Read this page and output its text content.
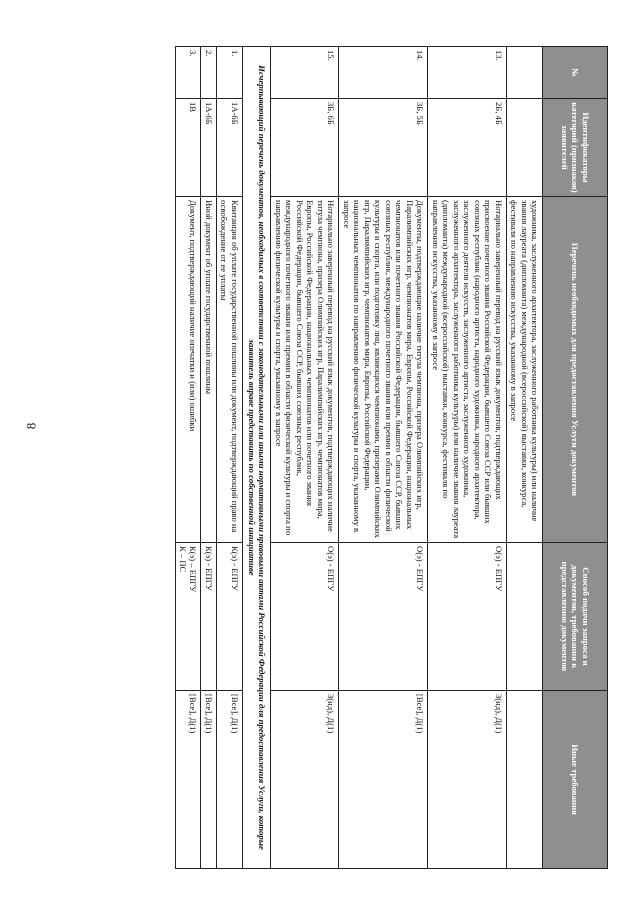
8
№	Идентификаторы категорий (признаков) заявителей	Перечень необходимых для предоставления Услуги документов	Способ подачи запроса и документов, требования к представлению документов	Иные требования
		художника, заслуженного архитектора, заслуженного работника культуры) или наличие звания лауреата (дипломанта) международной (всероссийской) выставки, конкурса, фестиваля по направлению искусства, указанному в запросе		
13.	2Б, 4Б	Нотариально заверенный перевод на русский язык документов, подтверждающих присвоение почетного звания Российской Федерации, бывшего Союза ССР или бывших союзных республик (народного артиста, народного художника, народного архитектора, заслуженного деятеля искусств, заслуженного артиста, заслуженного художника, заслуженного архитектора, заслуженного работника культуры) или наличие звания лауреата (дипломанта) международной (всероссийской) выставки, конкурса, фестиваля по направлению искусства, указанному в запросе	О(э) - ЕПГУ	З(нд), Д(1)
14.	3Б, 5Б	Документы, подтверждающие наличие титула чемпиона, призера Олимпийских игр, Паралимпийских игр, чемпионатов мира, Европы, Российской Федерации, национальных чемпионатов или почетного звания Российской Федерации, бывшего Союза ССР, бывших союзных республик, международного почетного звания или премии в области физической культуры и спорта, или подготовку лиц, являющихся чемпионами, призерами Олимпийских игр, Паралимпийских игр, чемпионатов мира, Европы, Российской Федерации, национальных чемпионатов по направлению физической культуры и спорта, указанному в запросе	О(э) - ЕПГУ	[Все], Д(1)
15.	3Б, 6Б	Нотариально заверенный перевод на русский язык документов, подтверждающих наличие титула чемпиона, призера Олимпийских игр, Паралимпийских игр, чемпионатов мира, Европы, Российской Федерации, национальных чемпионатов или почетного звания Российской Федерации, бывшего Союза ССР, бывших союзных республик, международного почетного звания или премии в области физической культуры и спорта по направлению физической культуры и спорта, указанному в запросе	О(э) - ЕПГУ	З(нд), Д(1)
Исчерпывающий перечень документов, необходимых в соответствии с законодательными или иными нормативными правовыми актами Российской Федерации для предоставления Услуги, которые заявитель вправе представить по собственной инициативе				
1.	1А-6Б	Квитанция об уплате государственной пошлины или документ, подтверждающий право на освобождение от ее уплаты	К(э) - ЕПГУ	[Все], Д(1)
2.	1А-6Б	Иной документ об уплате государственной пошлины	К(э) - ЕПГУ	[Все], Д(1)
3.	1В	Документ, подтверждающий наличие опечатки и (или) ошибки	К(э) – ЕПГУ
К – ПС	[Все], Д(1)
